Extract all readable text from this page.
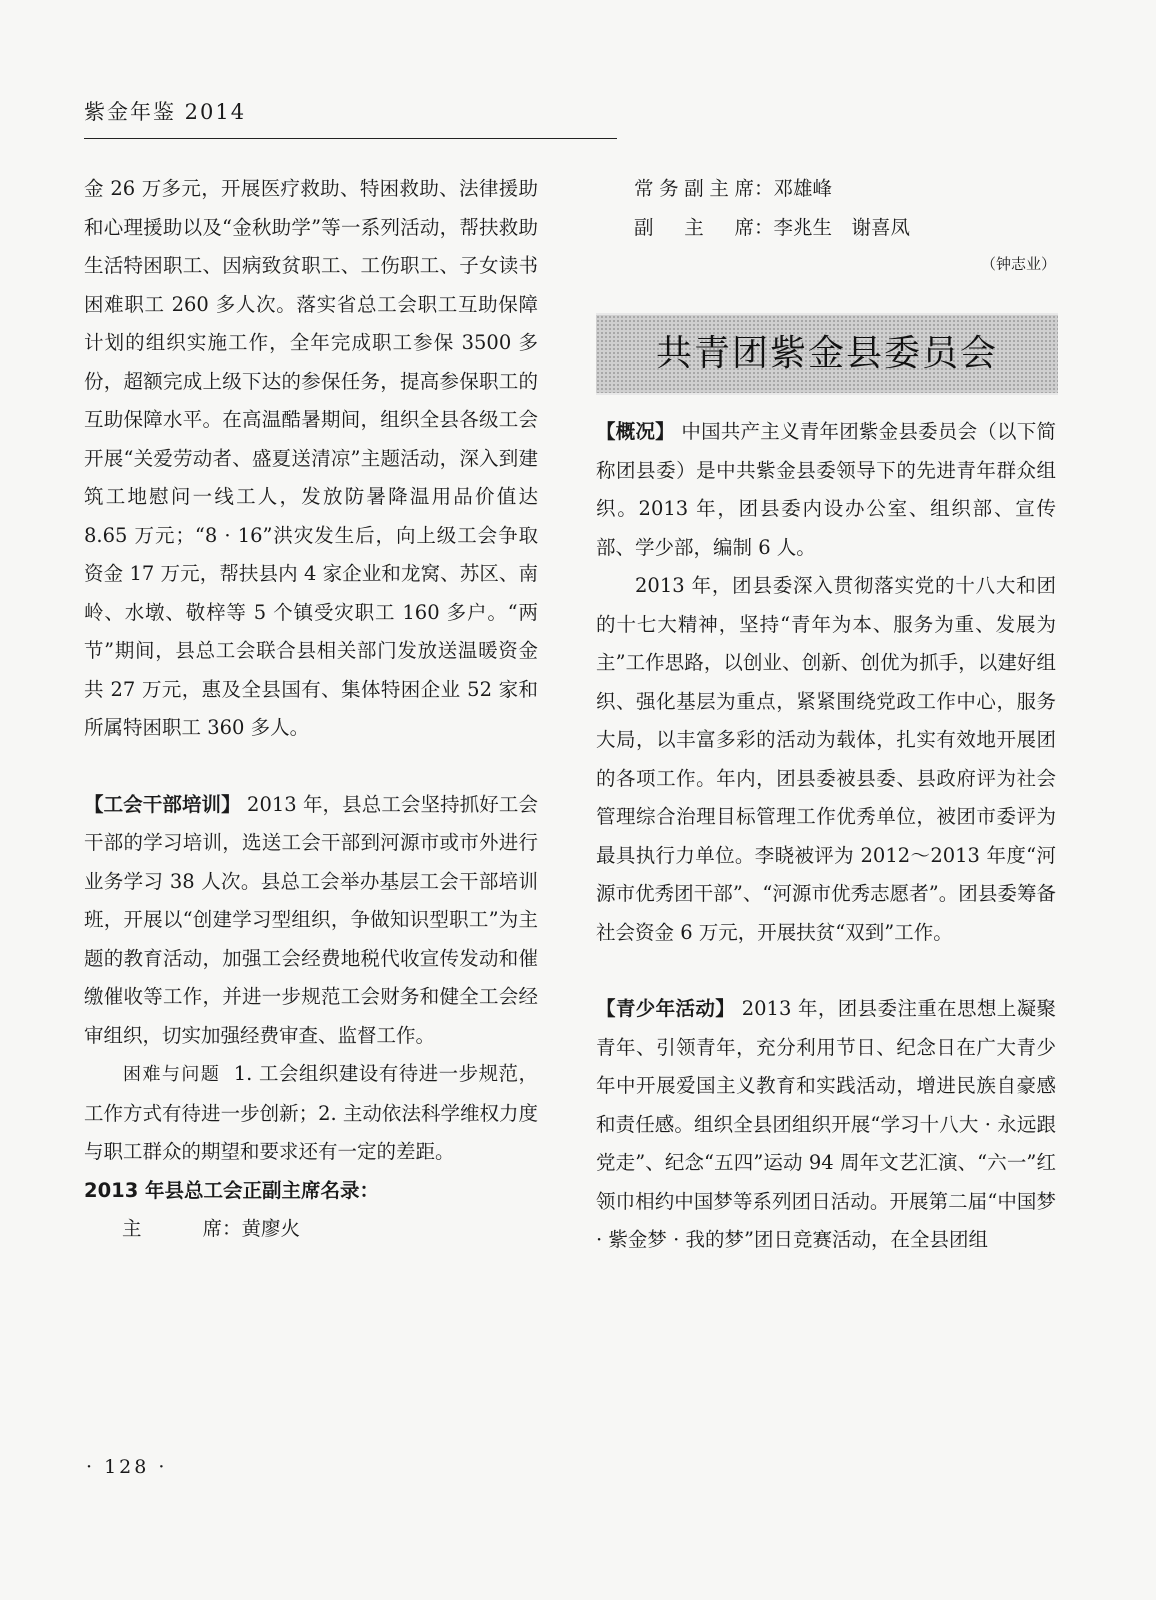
紫金年鉴 2014

金 26 万多元，开展医疗救助、特困救助、法律援助和心理援助以及“金秋助学”等一系列活动，帮扶救助生活特困职工、因病致贫职工、工伤职工、子女读书困难职工 260 多人次。落实省总工会职工互助保障计划的组织实施工作，全年完成职工参保 3500 多份，超额完成上级下达的参保任务，提高参保职工的互助保障水平。在高温酷暑期间，组织全县各级工会开展“关爱劳动者、盛夏送清凉”主题活动，深入到建筑工地慰问一线工人，发放防暑降温用品价值达 8.65 万元；“8 · 16”洪灾发生后，向上级工会争取资金 17 万元，帮扶县内 4 家企业和龙窝、苏区、南岭、水墩、敬梓等 5 个镇受灾职工 160 多户。“两节”期间，县总工会联合县相关部门发放送温暖资金共 27 万元，惠及全县国有、集体特困企业 52 家和所属特困职工 360 多人。

【工会干部培训】 2013 年，县总工会坚持抓好工会干部的学习培训，选送工会干部到河源市或市外进行业务学习 38 人次。县总工会举办基层工会干部培训班，开展以“创建学习型组织，争做知识型职工”为主题的教育活动，加强工会经费地税代收宣传发动和催缴催收等工作，并进一步规范工会财务和健全工会经审组织，切实加强经费审查、监督工作。

困难与问题 1. 工会组织建设有待进一步规范，工作方式有待进一步创新；2. 主动依法科学维权力度与职工群众的期望和要求还有一定的差距。

2013 年县总工会正副主席名录：

主　　席：黄廖火

常务副主席：邓雄峰

副　主　席：李兆生　谢喜凤

（钟志业）

共青团紫金县委员会

【概况】 中国共产主义青年团紫金县委员会（以下简称团县委）是中共紫金县委领导下的先进青年群众组织。2013 年，团县委内设办公室、组织部、宣传部、学少部，编制 6 人。

2013 年，团县委深入贯彻落实党的十八大和团的十七大精神，坚持“青年为本、服务为重、发展为主”工作思路，以创业、创新、创优为抓手，以建好组织、强化基层为重点，紧紧围绕党政工作中心，服务大局，以丰富多彩的活动为载体，扎实有效地开展团的各项工作。年内，团县委被县委、县政府评为社会管理综合治理目标管理工作优秀单位，被团市委评为最具执行力单位。李晓被评为 2012～2013 年度“河源市优秀团干部”、“河源市优秀志愿者”。团县委筹备社会资金 6 万元，开展扶贫“双到”工作。

【青少年活动】 2013 年，团县委注重在思想上凝聚青年、引领青年，充分利用节日、纪念日在广大青少年中开展爱国主义教育和实践活动，增进民族自豪感和责任感。组织全县团组织开展“学习十八大 · 永远跟党走”、纪念“五四”运动 94 周年文艺汇演、“六一”红领巾相约中国梦等系列团日活动。开展第二届“中国梦 · 紫金梦 · 我的梦”团日竞赛活动，在全县团组

· 128 ·
